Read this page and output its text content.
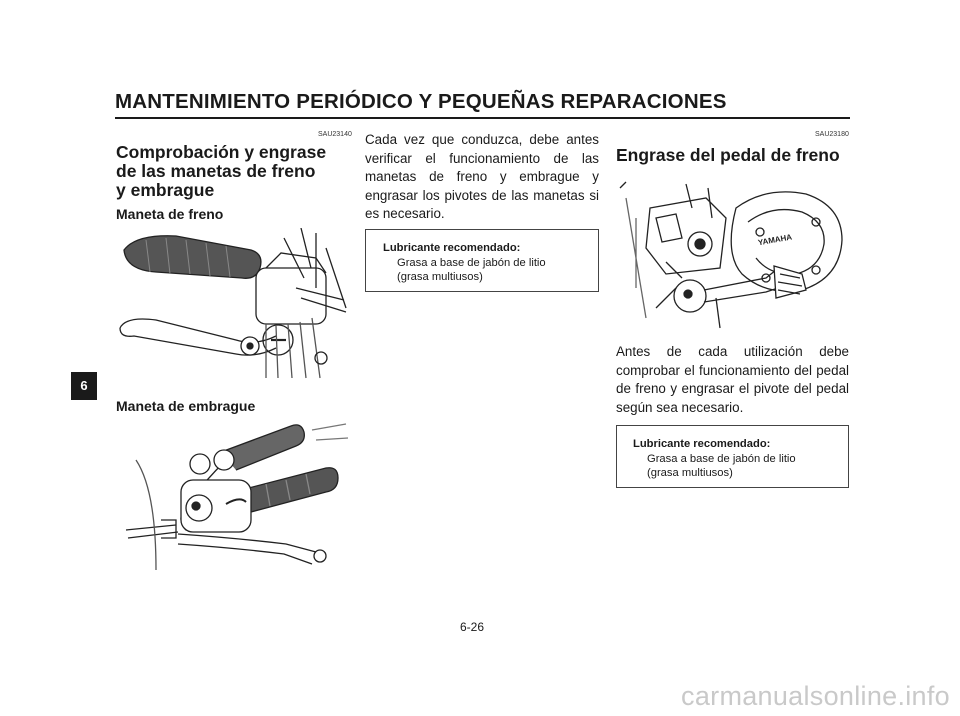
MANTENIMIENTO PERIÓDICO Y PEQUEÑAS REPARACIONES
SAU23140
Comprobación y engrase
de las manetas de freno
y embrague
Maneta de freno
Maneta de embrague
Cada vez que conduzca, debe antes verificar el funcionamiento de las manetas de freno y embrague y engrasar los pivotes de las manetas si es necesario.
Lubricante recomendado:
Grasa a base de jabón de litio
(grasa multiusos)
SAU23180
Engrase del pedal de freno
YAMAHA
Antes de cada utilización debe comprobar el funcionamiento del pedal de freno y engrasar el pivote del pedal según sea necesario.
Lubricante recomendado:
Grasa a base de jabón de litio
(grasa multiusos)
6
6-26
carmanualsonline.info
